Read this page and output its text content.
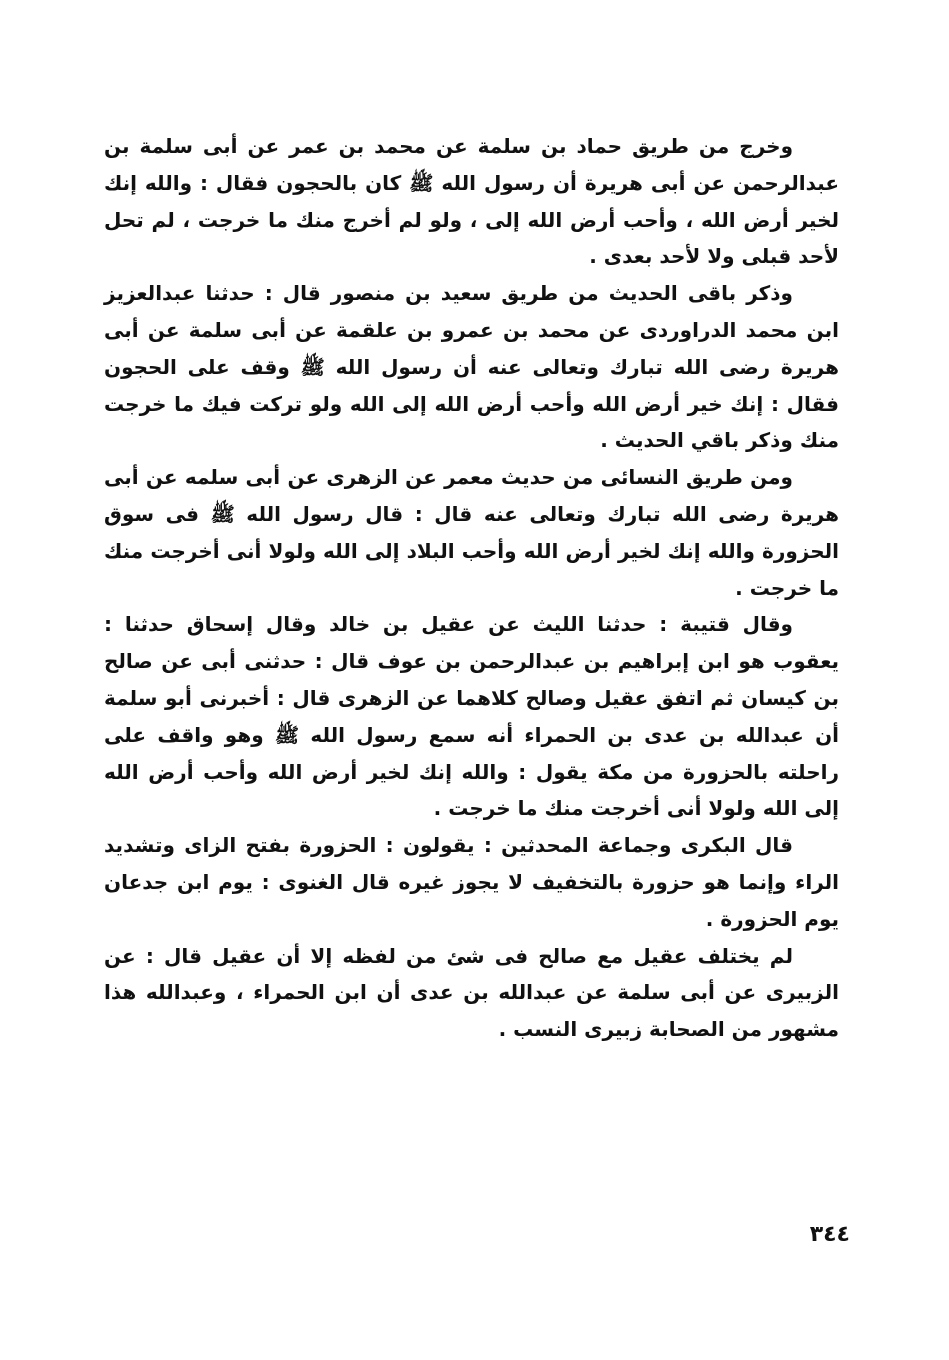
وخرج من طريق حماد بن سلمة عن محمد بن عمر عن أبى سلمة بن عبدالرحمن عن أبى هريرة أن رسول الله ﷺ كان بالحجون فقال : والله إنك لخير أرض الله ، وأحب أرض الله إلى ، ولو لم أخرج منك ما خرجت ، لم تحل لأحد قبلى ولا لأحد بعدى .

وذكر باقى الحديث من طريق سعيد بن منصور قال : حدثنا عبدالعزيز ابن محمد الدراوردى عن محمد بن عمرو بن علقمة عن أبى سلمة عن أبى هريرة رضى الله تبارك وتعالى عنه أن رسول الله ﷺ وقف على الحجون فقال : إنك خير أرض الله وأحب أرض الله إلى الله ولو تركت فيك ما خرجت منك وذكر باقي الحديث .

ومن طريق النسائى من حديث معمر عن الزهرى عن أبى سلمه عن أبى هريرة رضى الله تبارك وتعالى عنه قال : قال رسول الله ﷺ فى سوق الحزورة والله إنك لخير أرض الله وأحب البلاد إلى الله ولولا أنى أخرجت منك ما خرجت .

وقال قتيبة : حدثنا الليث عن عقيل بن خالد وقال إسحاق حدثنا : يعقوب هو ابن إبراهيم بن عبدالرحمن بن عوف قال : حدثنى أبى عن صالح بن كيسان ثم اتفق عقيل وصالح كلاهما عن الزهرى قال : أخبرنى أبو سلمة أن عبدالله بن عدى بن الحمراء أنه سمع رسول الله ﷺ وهو واقف على راحلته بالحزورة من مكة يقول : والله إنك لخير أرض الله وأحب أرض الله إلى الله ولولا أنى أخرجت منك ما خرجت .

قال البكرى وجماعة المحدثين : يقولون : الحزورة بفتح الزاى وتشديد الراء وإنما هو حزورة بالتخفيف لا يجوز غيره قال الغنوى : يوم ابن جدعان يوم الحزورة .

لم يختلف عقيل مع صالح فى شئ من لفظه إلا أن عقيل قال : عن الزبيرى عن أبى سلمة عن عبدالله بن عدى أن ابن الحمراء ، وعبدالله هذا مشهور من الصحابة زبيرى النسب .

٣٤٤
